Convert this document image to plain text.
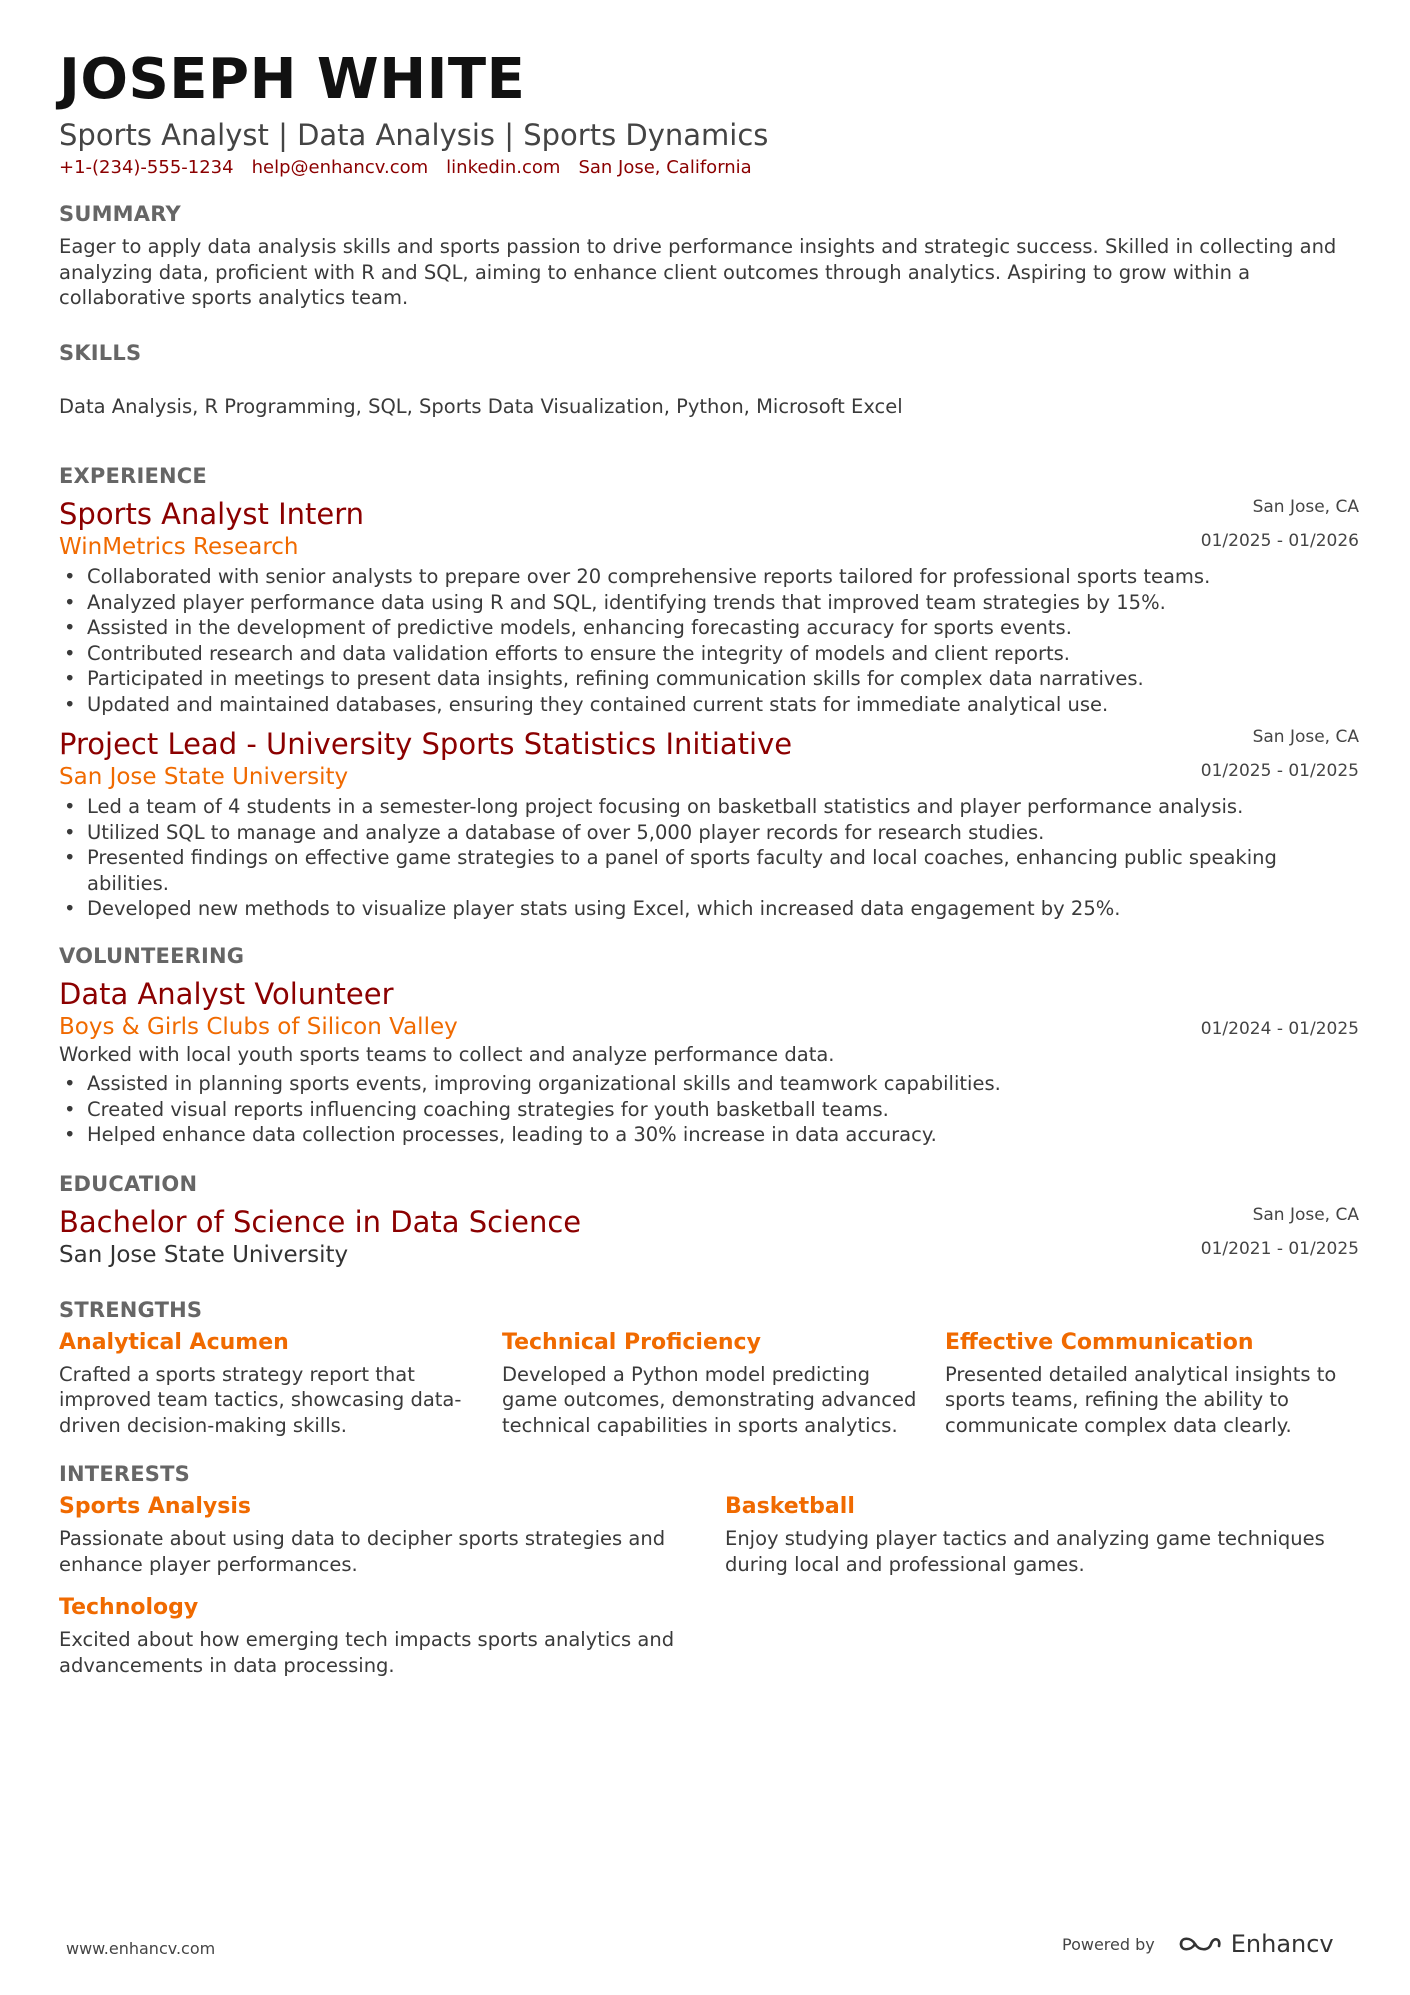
JOSEPH WHITE
Sports Analyst | Data Analysis | Sports Dynamics
+1-(234)-555-1234 help@enhancv.com linkedin.com San Jose, California
SUMMARY
Eager to apply data analysis skills and sports passion to drive performance insights and strategic success. Skilled in collecting and analyzing data, proficient with R and SQL, aiming to enhance client outcomes through analytics. Aspiring to grow within a collaborative sports analytics team.
SKILLS
Data Analysis, R Programming, SQL, Sports Data Visualization, Python, Microsoft Excel
EXPERIENCE
San Jose, CA
01/2025 - 01/2026
Sports Analyst Intern
WinMetrics Research
• Collaborated with senior analysts to prepare over 20 comprehensive reports tailored for professional sports teams.
• Analyzed player performance data using R and SQL, identifying trends that improved team strategies by 15%.
• Assisted in the development of predictive models, enhancing forecasting accuracy for sports events.
• Contributed research and data validation efforts to ensure the integrity of models and client reports.
• Participated in meetings to present data insights, refining communication skills for complex data narratives.
• Updated and maintained databases, ensuring they contained current stats for immediate analytical use.
San Jose, CA
01/2025 - 01/2025
Project Lead - University Sports Statistics Initiative
San Jose State University
• Led a team of 4 students in a semester-long project focusing on basketball statistics and player performance analysis.
• Utilized SQL to manage and analyze a database of over 5,000 player records for research studies.
• Presented findings on effective game strategies to a panel of sports faculty and local coaches, enhancing public speaking abilities.
• Developed new methods to visualize player stats using Excel, which increased data engagement by 25%.
VOLUNTEERING
01/2024 - 01/2025
Data Analyst Volunteer
Boys & Girls Clubs of Silicon Valley
Worked with local youth sports teams to collect and analyze performance data.
• Assisted in planning sports events, improving organizational skills and teamwork capabilities.
• Created visual reports influencing coaching strategies for youth basketball teams.
• Helped enhance data collection processes, leading to a 30% increase in data accuracy.
EDUCATION
San Jose, CA
01/2021 - 01/2025
Bachelor of Science in Data Science
San Jose State University
STRENGTHS
Analytical Acumen
Crafted a sports strategy report that improved team tactics, showcasing data-driven decision-making skills.
Technical Proficiency
Developed a Python model predicting game outcomes, demonstrating advanced technical capabilities in sports analytics.
Effective Communication
Presented detailed analytical insights to sports teams, refining the ability to communicate complex data clearly.
INTERESTS
Sports Analysis
Passionate about using data to decipher sports strategies and enhance player performances.
Basketball
Enjoy studying player tactics and analyzing game techniques during local and professional games.
Technology
Excited about how emerging tech impacts sports analytics and advancements in data processing.
www.enhancv.com	Powered by	Enhancv
